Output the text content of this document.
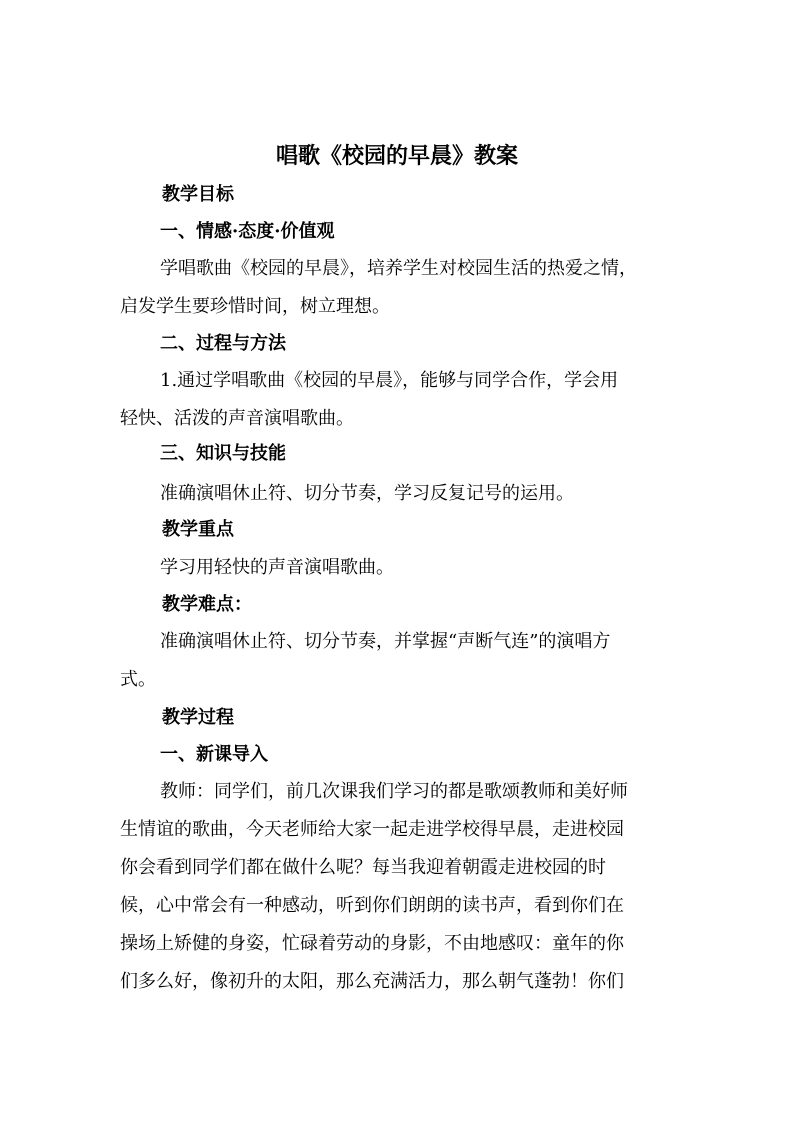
唱歌《校园的早晨》教案
教学目标
一、情感·态度·价值观
学唱歌曲《校园的早晨》，培养学生对校园生活的热爱之情，
启发学生要珍惜时间，树立理想。
二、过程与方法
1.通过学唱歌曲《校园的早晨》，能够与同学合作，学会用
轻快、活泼的声音演唱歌曲。
三、知识与技能
准确演唱休止符、切分节奏，学习反复记号的运用。
教学重点
学习用轻快的声音演唱歌曲。
教学难点：
准确演唱休止符、切分节奏，并掌握“声断气连”的演唱方
式。
教学过程
一、新课导入
教师：同学们，前几次课我们学习的都是歌颂教师和美好师
生情谊的歌曲，今天老师给大家一起走进学校得早晨，走进校园
你会看到同学们都在做什么呢？每当我迎着朝霞走进校园的时
候，心中常会有一种感动，听到你们朗朗的读书声，看到你们在
操场上矫健的身姿，忙碌着劳动的身影，不由地感叹：童年的你
们多么好，像初升的太阳，那么充满活力，那么朝气蓬勃！你们
